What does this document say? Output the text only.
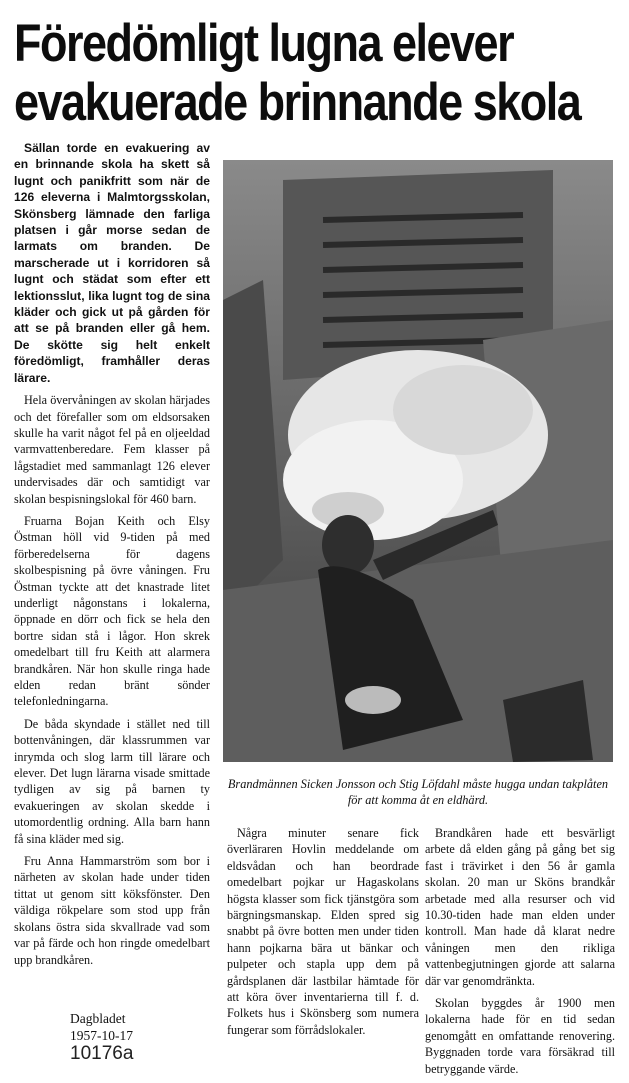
Föredömligt lugna elever
evakuerade brinnande skola

Sällan torde en evakuering av en brinnande skola ha skett så lugnt och panikfritt som när de 126 eleverna i Malmtorgsskolan, Skönsberg lämnade den farliga platsen i går morse sedan de larmats om branden. De marscherade ut i korridoren så lugnt och städat som efter ett lektionsslut, lika lugnt tog de sina kläder och gick ut på gården för att se på branden eller gå hem. De skötte sig helt enkelt föredömligt, framhåller deras lärare.

Hela övervåningen av skolan härjades och det förefaller som om eldsorsaken skulle ha varit något fel på en oljeeldad varmvattenberedare. Fem klasser på lågstadiet med sammanlagt 126 elever undervisades där och samtidigt var skolan bespisningslokal för 460 barn.

Fruarna Bojan Keith och Elsy Östman höll vid 9-tiden på med förberedelserna för dagens skolbespisning på övre våningen. Fru Östman tyckte att det knastrade litet underligt någonstans i lokalerna, öppnade en dörr och fick se hela den bortre sidan stå i lågor. Hon skrek omedelbart till fru Keith att alarmera brandkåren. När hon skulle ringa hade elden redan bränt sönder telefonledningarna.

De båda skyndade i stället ned till bottenvåningen, där klassrummen var inrymda och slog larm till lärare och elever. Det lugn lärarna visade smittade tydligen av sig på barnen ty evakueringen av skolan skedde i utomordentlig ordning. Alla barn hann få sina kläder med sig.

Fru Anna Hammarström som bor i närheten av skolan hade under tiden tittat ut genom sitt köksfönster. Den väldiga rökpelare som stod upp från skolans östra sida skvallrade vad som var på färde och hon ringde omedelbart upp brandkåren.

Brandmännen Sicken Jonsson och Stig Löfdahl måste hugga undan takplåten för att komma åt en eldhärd.

Några minuter senare fick överläraren Hovlin meddelande om eldsvådan och han beordrade omedelbart pojkar ur Hagaskolans högsta klasser som fick tjänstgöra som bärgningsmanskap. Elden spred sig snabbt på övre botten men under tiden hann pojkarna bära ut bänkar och pulpeter och stapla upp dem på gårdsplanen där lastbilar hämtade för att köra över inventarierna till f. d. Folkets hus i Skönsberg som numera fungerar som förrådslokaler.

Brandkåren hade ett besvärligt arbete då elden gång på gång bet sig fast i trävirket i den 56 år gamla skolan. 20 man ur Sköns brandkår arbetade med alla resurser och vid 10.30-tiden hade man elden under kontroll. Man hade då klarat nedre våningen men den rikliga vattenbegjutningen gjorde att salarna där var genomdränkta.

Skolan byggdes år 1900 men lokalerna hade för en tid sedan genomgått en omfattande renovering. Byggnaden torde vara försäkrad till betryggande värde.

Dagbladet
1957-10-17

10176a
